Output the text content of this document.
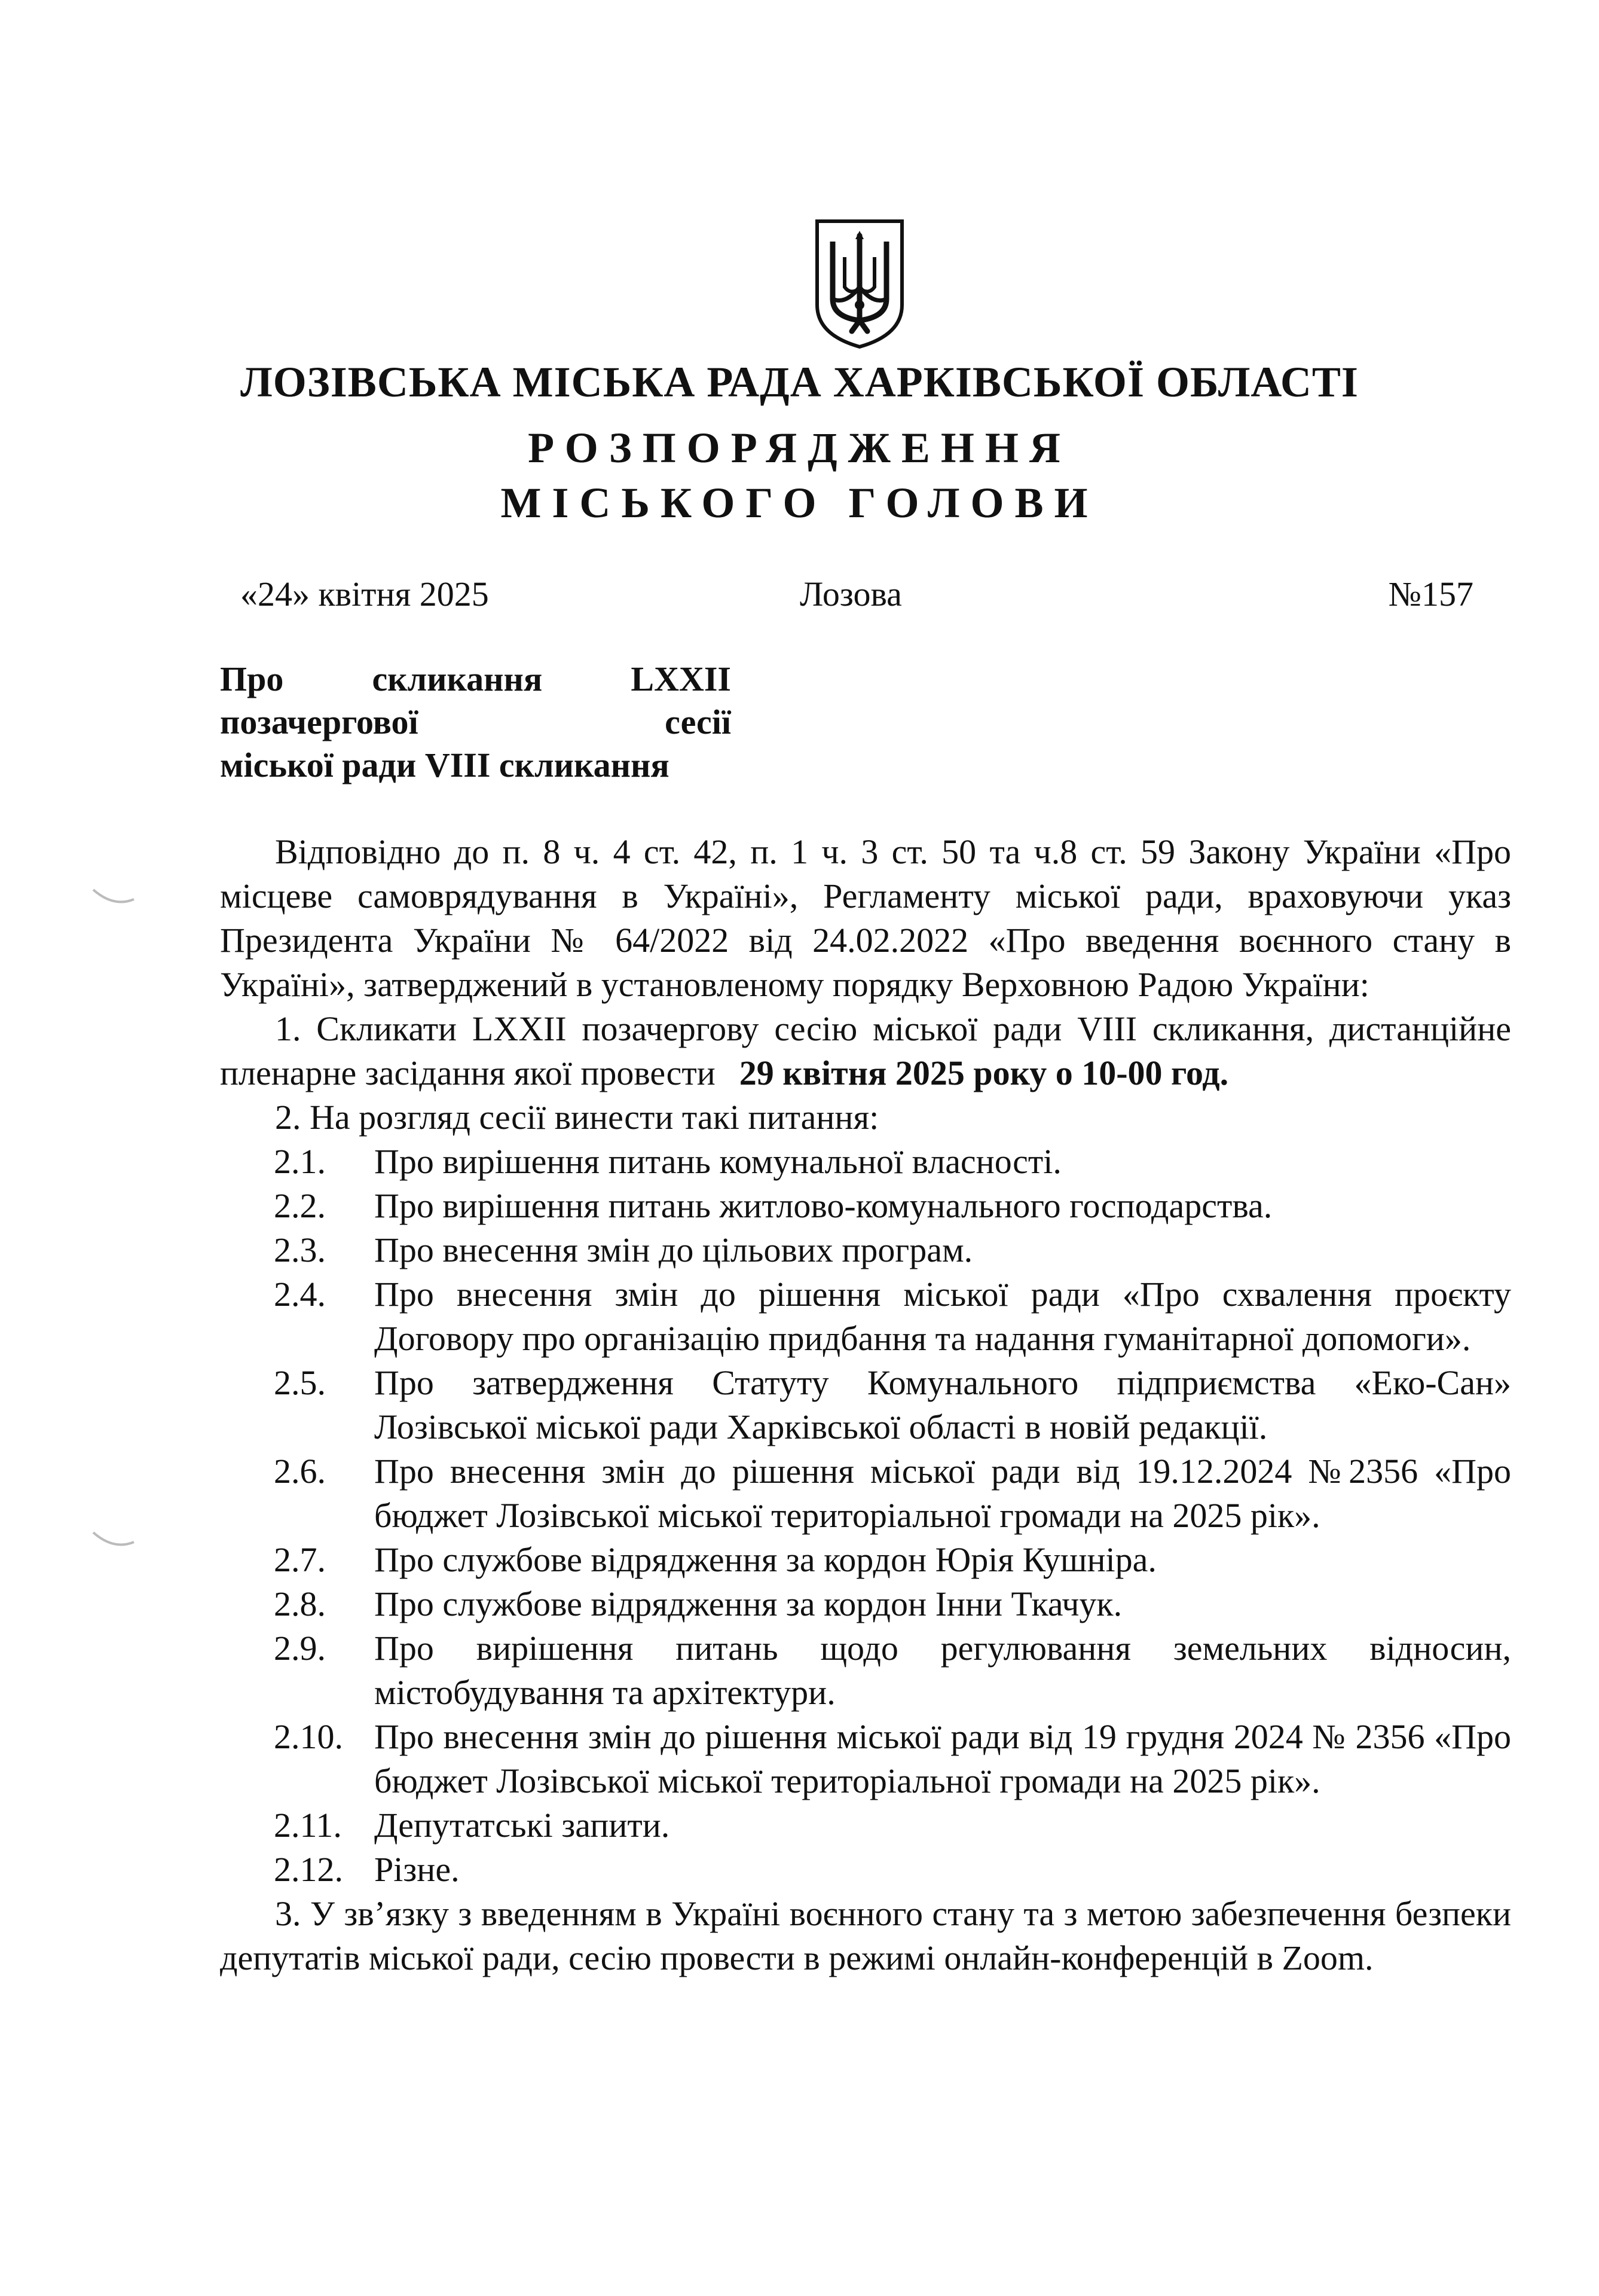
ЛОЗІВСЬКА МІСЬКА РАДА ХАРКІВСЬКОЇ ОБЛАСТІ
РОЗПОРЯДЖЕННЯ
МІСЬКОГО ГОЛОВИ
«24» квітня 2025	Лозова	№157
Про скликання LXXII
позачергової сесії
міської ради VIII скликання

Відповідно до п. 8 ч. 4 ст. 42, п. 1 ч. 3 ст. 50 та ч.8 ст. 59 Закону України «Про місцеве самоврядування в Україні», Регламенту міської ради, враховуючи указ Президента України № 64/2022 від 24.02.2022 «Про введення воєнного стану в Україні», затверджений в установленому порядку Верховною Радою України:

1. Скликати LXXII позачергову сесію міської ради VIII скликання, дистанційне пленарне засідання якої провести 29 квітня 2025 року о 10-00 год.

2. На розгляд сесії винести такі питання:

2.1.	Про вирішення питань комунальної власності.
2.2.	Про вирішення питань житлово-комунального господарства.
2.3.	Про внесення змін до цільових програм.
2.4.	Про внесення змін до рішення міської ради «Про схвалення проєкту Договору про організацію придбання та надання гуманітарної допомоги».
2.5.	Про затвердження Статуту Комунального підприємства «Еко-Сан» Лозівської міської ради Харківської області в новій редакції.
2.6.	Про внесення змін до рішення міської ради від 19.12.2024 №2356 «Про бюджет Лозівської міської територіальної громади на 2025 рік».
2.7.	Про службове відрядження за кордон Юрія Кушніра.
2.8.	Про службове відрядження за кордон Інни Ткачук.
2.9.	Про вирішення питань щодо регулювання земельних відносин, містобудування та архітектури.
2.10. Про внесення змін до рішення міської ради від 19 грудня 2024 № 2356 «Про бюджет Лозівської міської територіальної громади на 2025 рік».
2.11. Депутатські запити.
2.12. Різне.

3. У зв’язку з введенням в Україні воєнного стану та з метою забезпечення безпеки депутатів міської ради, сесію провести в режимі онлайн-конференцій в Zoom.
